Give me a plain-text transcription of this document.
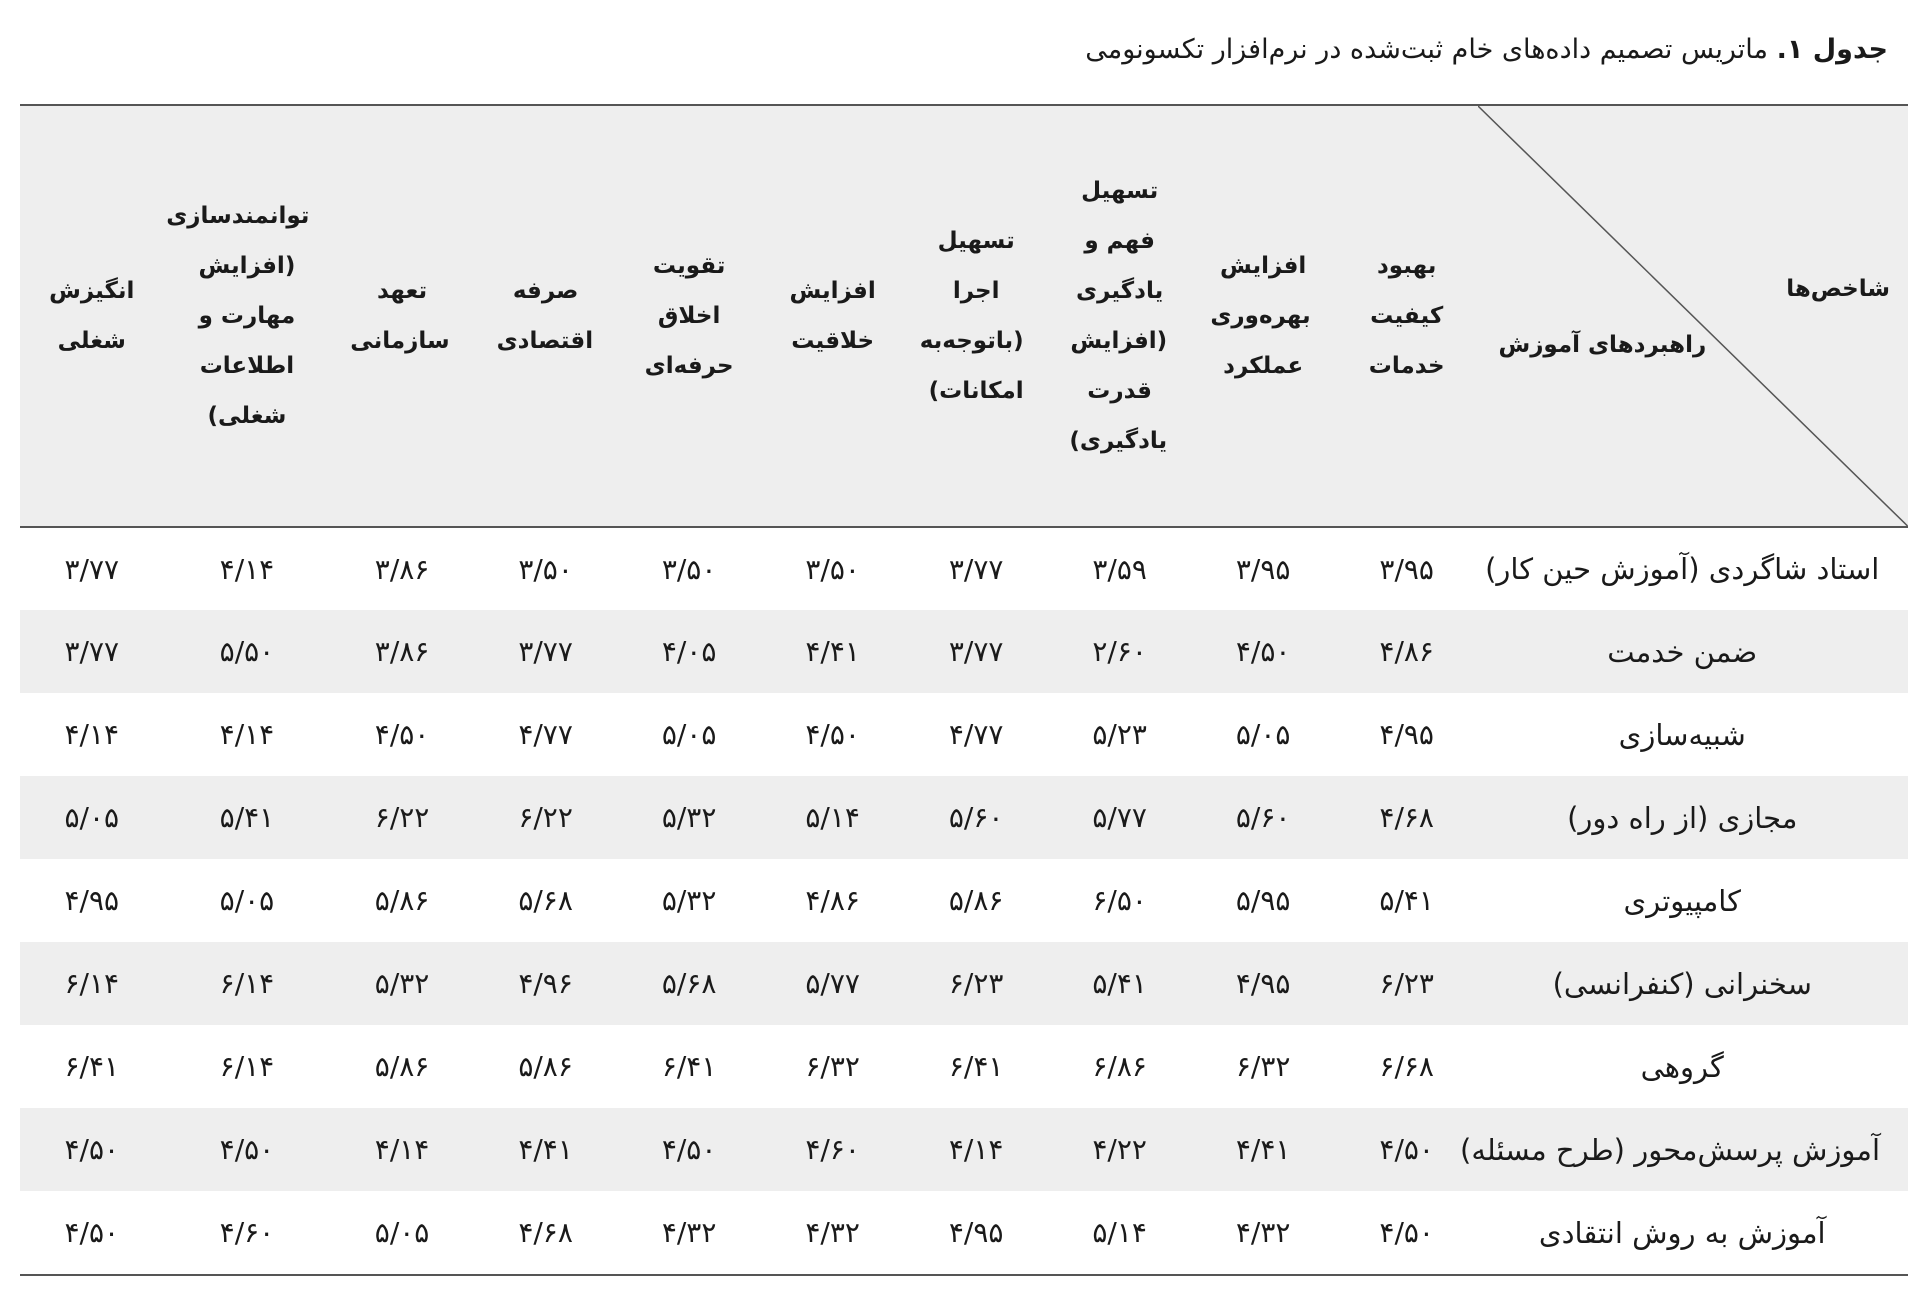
جدول ۱. ماتریس تصمیم داده‌های خام ثبت‌شده در نرم‌افزار تکسونومی
شاخص‌ها
راهبردهای آموزش	بهبود کیفیت خدمات	افزایش بهره‌وری عملکرد	تسهیل فهم و یادگیری (افزایش قدرت یادگیری)	تسهیل اجرا (باتوجه‌به امکانات)	افزایش خلاقیت	تقویت اخلاق حرفه‌ای	صرفه اقتصادی	تعهد سازمانی	توانمندسازی (افزایش مهارت و اطلاعات شغلی)	انگیزش شغلی
استاد شاگردی (آموزش حین کار)	۳/۹۵	۳/۹۵	۳/۵۹	۳/۷۷	۳/۵۰	۳/۵۰	۳/۵۰	۳/۸۶	۴/۱۴	۳/۷۷
ضمن خدمت	۴/۸۶	۴/۵۰	۲/۶۰	۳/۷۷	۴/۴۱	۴/۰۵	۳/۷۷	۳/۸۶	۵/۵۰	۳/۷۷
شبیه‌سازی	۴/۹۵	۵/۰۵	۵/۲۳	۴/۷۷	۴/۵۰	۵/۰۵	۴/۷۷	۴/۵۰	۴/۱۴	۴/۱۴
مجازی (از راه دور)	۴/۶۸	۵/۶۰	۵/۷۷	۵/۶۰	۵/۱۴	۵/۳۲	۶/۲۲	۶/۲۲	۵/۴۱	۵/۰۵
کامپیوتری	۵/۴۱	۵/۹۵	۶/۵۰	۵/۸۶	۴/۸۶	۵/۳۲	۵/۶۸	۵/۸۶	۵/۰۵	۴/۹۵
سخنرانی (کنفرانسی)	۶/۲۳	۴/۹۵	۵/۴۱	۶/۲۳	۵/۷۷	۵/۶۸	۴/۹۶	۵/۳۲	۶/۱۴	۶/۱۴
گروهی	۶/۶۸	۶/۳۲	۶/۸۶	۶/۴۱	۶/۳۲	۶/۴۱	۵/۸۶	۵/۸۶	۶/۱۴	۶/۴۱
آموزش پرسش‌محور (طرح مسئله)	۴/۵۰	۴/۴۱	۴/۲۲	۴/۱۴	۴/۶۰	۴/۵۰	۴/۴۱	۴/۱۴	۴/۵۰	۴/۵۰
آموزش به روش انتقادی	۴/۵۰	۴/۳۲	۵/۱۴	۴/۹۵	۴/۳۲	۴/۳۲	۴/۶۸	۵/۰۵	۴/۶۰	۴/۵۰
